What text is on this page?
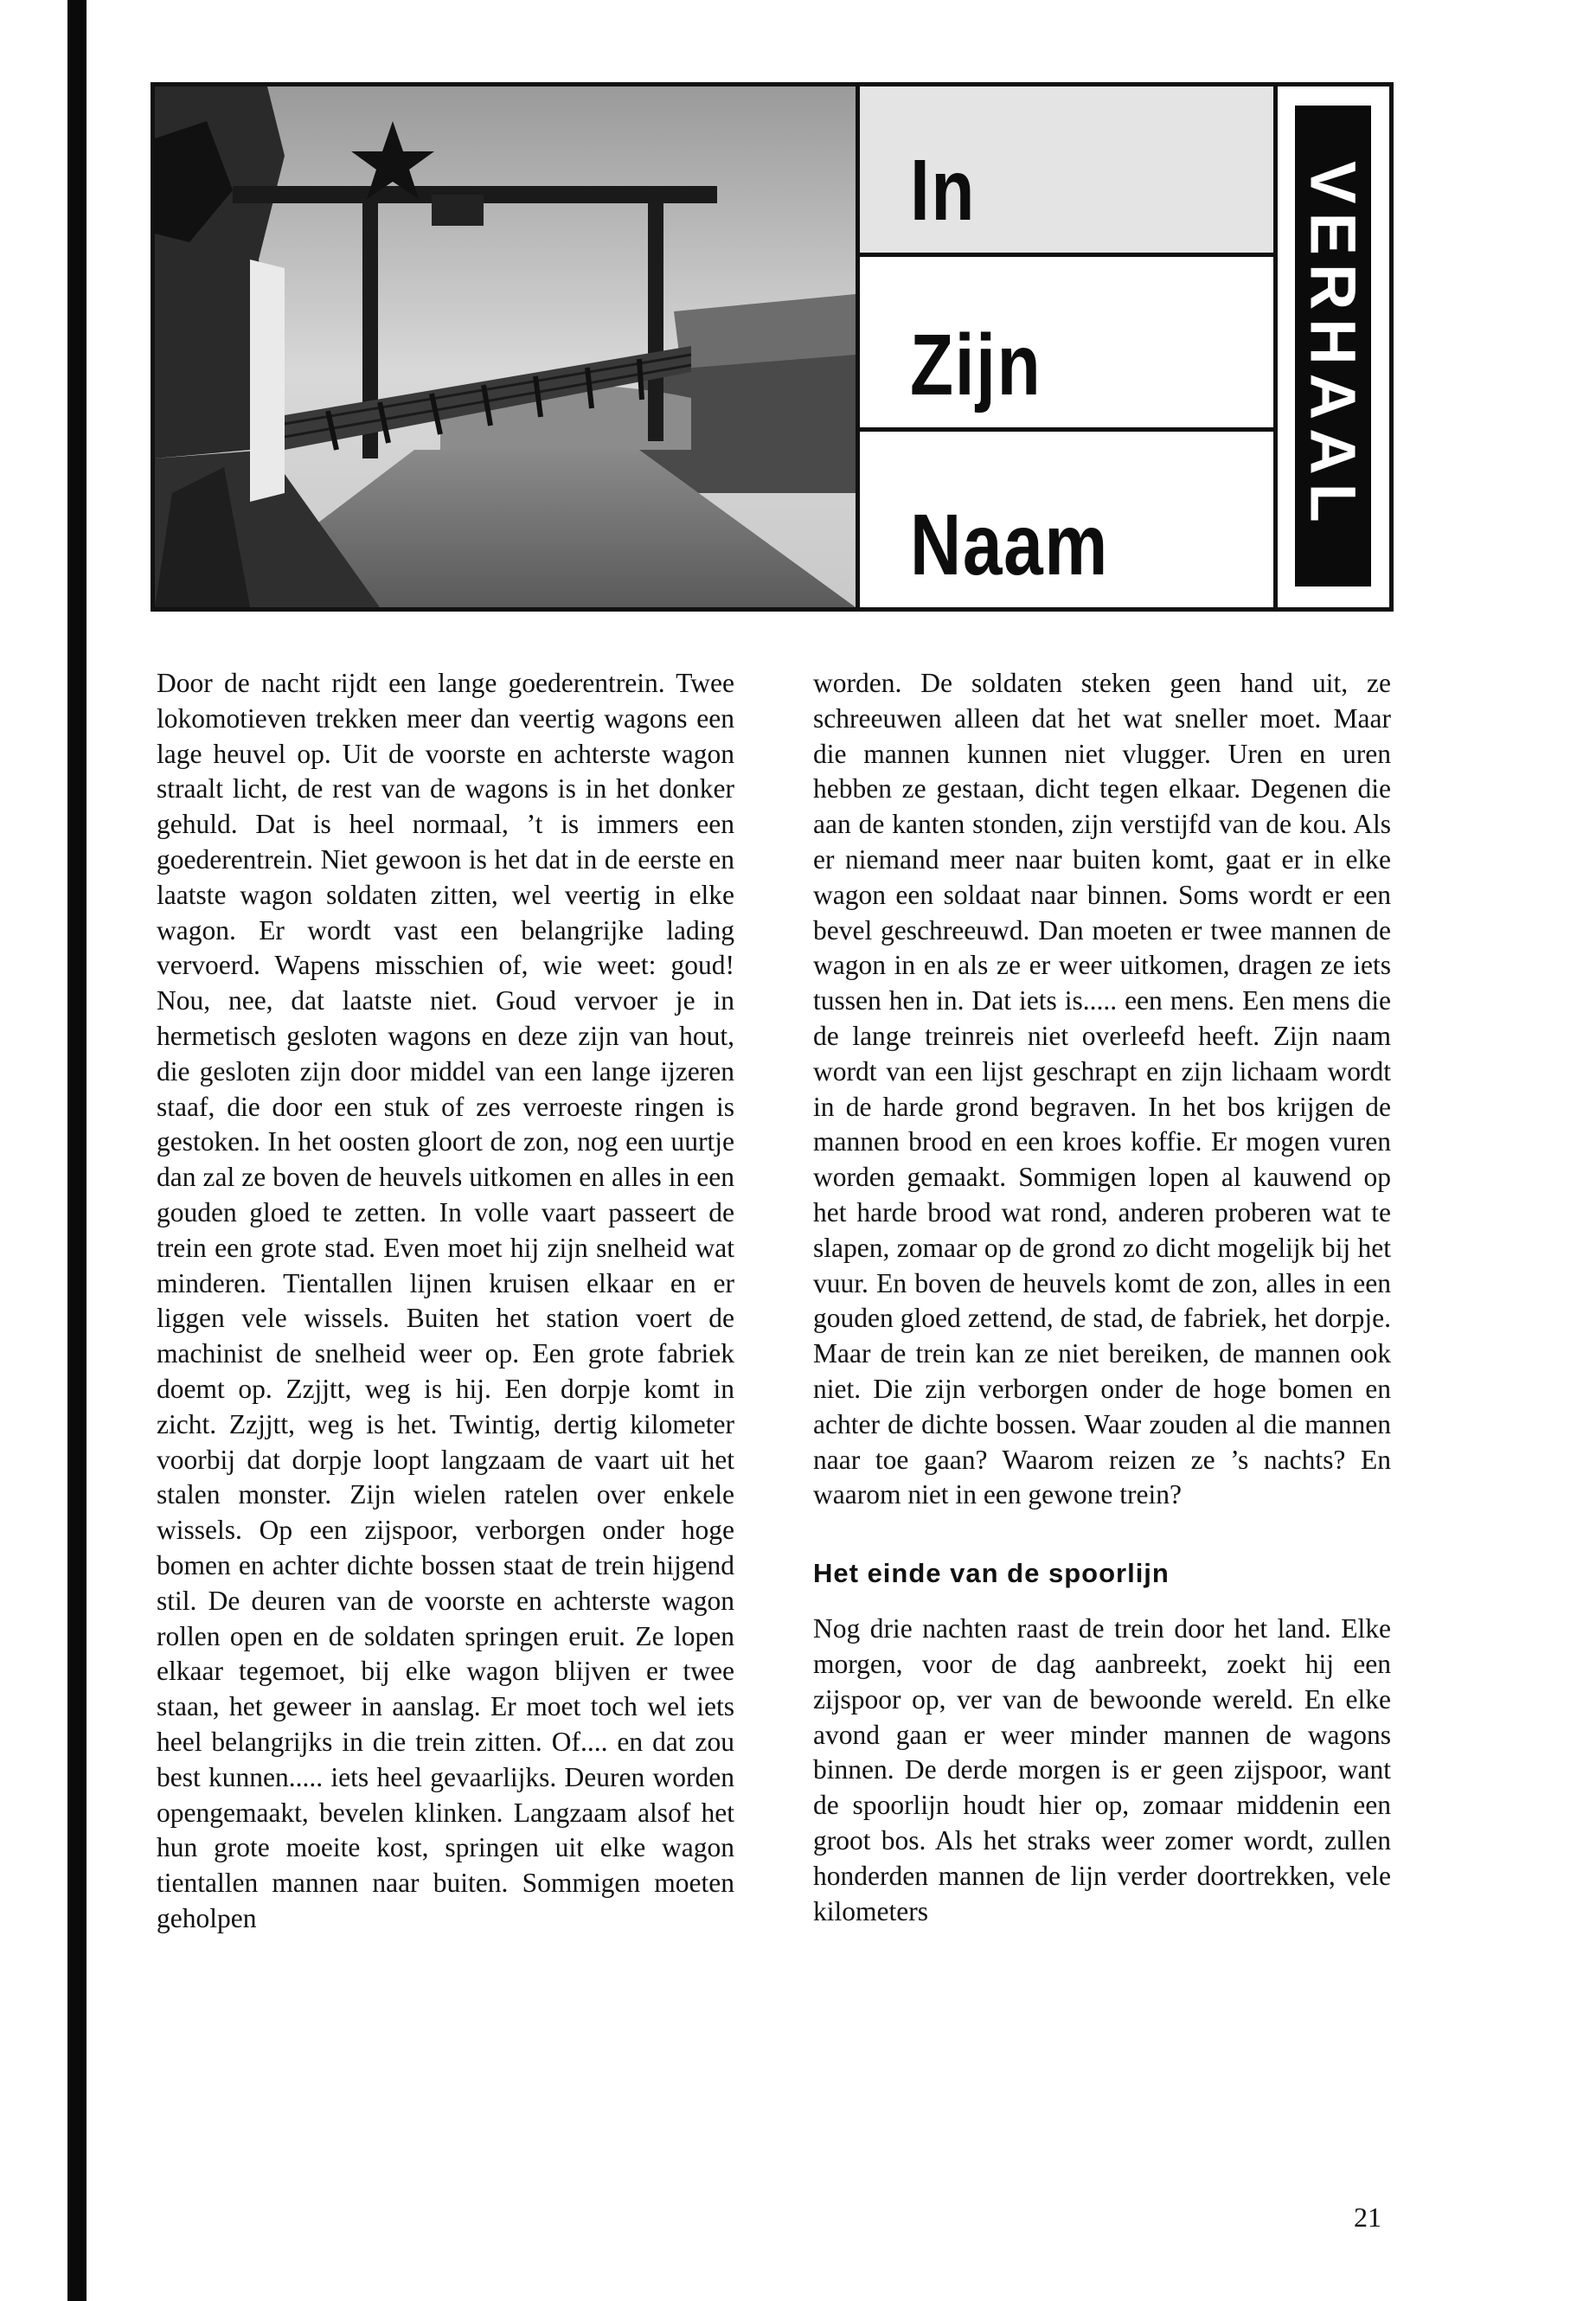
In
Zijn
Naam
VERHAAL

Door de nacht rijdt een lange goederentrein. Twee lokomotieven trekken meer dan veertig wagons een lage heuvel op. Uit de voorste en achterste wagon straalt licht, de rest van de wagons is in het donker gehuld. Dat is heel normaal, ’t is immers een goederentrein. Niet gewoon is het dat in de eerste en laatste wagon soldaten zitten, wel veertig in elke wagon. Er wordt vast een belangrijke lading vervoerd. Wapens misschien of, wie weet: goud! Nou, nee, dat laatste niet. Goud vervoer je in hermetisch gesloten wagons en deze zijn van hout, die gesloten zijn door middel van een lange ijzeren staaf, die door een stuk of zes verroeste ringen is gestoken. In het oosten gloort de zon, nog een uurtje dan zal ze boven de heuvels uitkomen en alles in een gouden gloed te zetten. In volle vaart passeert de trein een grote stad. Even moet hij zijn snelheid wat minderen. Tientallen lijnen kruisen elkaar en er liggen vele wissels. Buiten het station voert de machinist de snelheid weer op. Een grote fabriek doemt op. Zzjjtt, weg is hij. Een dorpje komt in zicht. Zzjjtt, weg is het. Twintig, dertig kilometer voorbij dat dorpje loopt langzaam de vaart uit het stalen monster. Zijn wielen ratelen over enkele wissels. Op een zijspoor, verborgen onder hoge bomen en achter dichte bossen staat de trein hijgend stil. De deuren van de voorste en achterste wagon rollen open en de soldaten springen eruit. Ze lopen elkaar tegemoet, bij elke wagon blijven er twee staan, het geweer in aanslag. Er moet toch wel iets heel belangrijks in die trein zitten. Of.... en dat zou best kunnen..... iets heel gevaarlijks. Deuren worden opengemaakt, bevelen klinken. Langzaam alsof het hun grote moeite kost, springen uit elke wagon tientallen mannen naar buiten. Sommigen moeten geholpen

worden. De soldaten steken geen hand uit, ze schreeuwen alleen dat het wat sneller moet. Maar die mannen kunnen niet vlugger. Uren en uren hebben ze gestaan, dicht tegen elkaar. Degenen die aan de kanten stonden, zijn verstijfd van de kou. Als er niemand meer naar buiten komt, gaat er in elke wagon een soldaat naar binnen. Soms wordt er een bevel geschreeuwd. Dan moeten er twee mannen de wagon in en als ze er weer uitkomen, dragen ze iets tussen hen in. Dat iets is..... een mens. Een mens die de lange treinreis niet overleefd heeft. Zijn naam wordt van een lijst geschrapt en zijn lichaam wordt in de harde grond begraven. In het bos krijgen de mannen brood en een kroes koffie. Er mogen vuren worden gemaakt. Sommigen lopen al kauwend op het harde brood wat rond, anderen proberen wat te slapen, zomaar op de grond zo dicht mogelijk bij het vuur. En boven de heuvels komt de zon, alles in een gouden gloed zettend, de stad, de fabriek, het dorpje. Maar de trein kan ze niet bereiken, de mannen ook niet. Die zijn verborgen onder de hoge bomen en achter de dichte bossen. Waar zouden al die mannen naar toe gaan? Waarom reizen ze ’s nachts? En waarom niet in een gewone trein?

Het einde van de spoorlijn

Nog drie nachten raast de trein door het land. Elke morgen, voor de dag aanbreekt, zoekt hij een zijspoor op, ver van de bewoonde wereld. En elke avond gaan er weer minder mannen de wagons binnen. De derde morgen is er geen zijspoor, want de spoorlijn houdt hier op, zomaar middenin een groot bos. Als het straks weer zomer wordt, zullen honderden mannen de lijn verder doortrekken, vele kilometers

21
